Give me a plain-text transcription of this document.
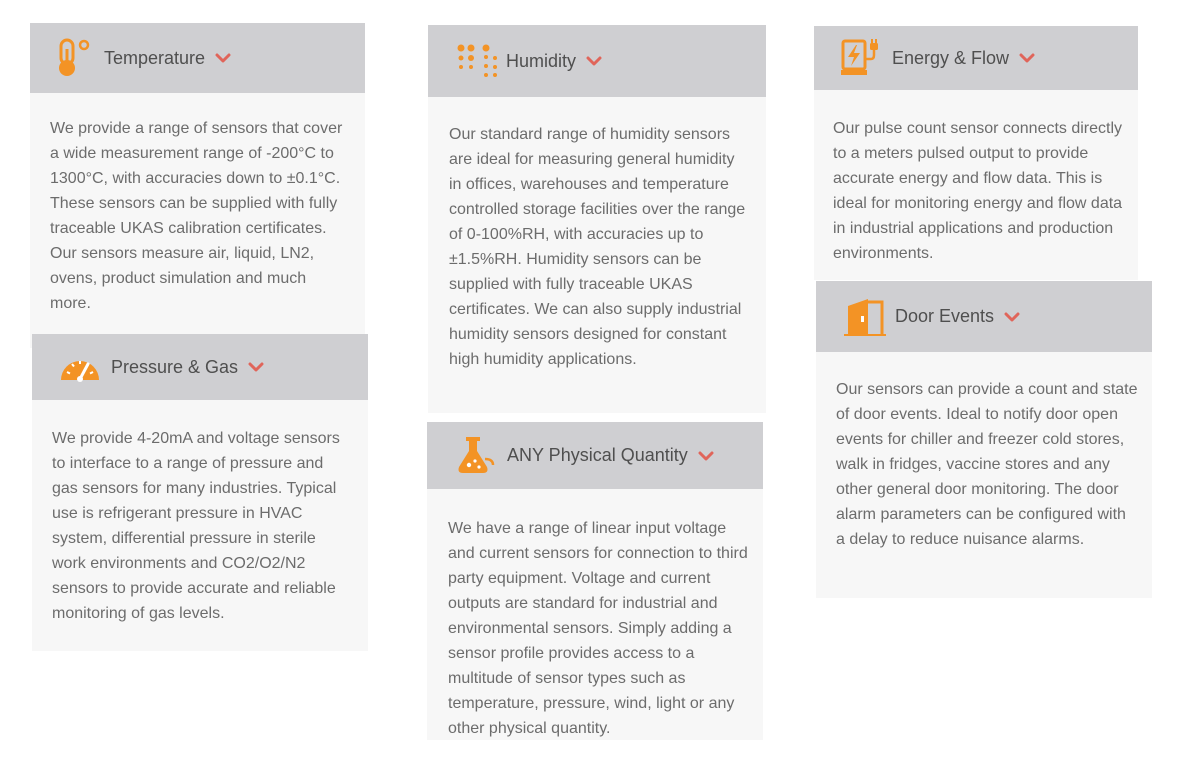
Temperature

We provide a range of sensors that cover a wide measurement range of -200°C to 1300°C, with accuracies down to ±0.1°C. These sensors can be supplied with fully traceable UKAS calibration certificates. Our sensors measure air, liquid, LN2, ovens, product simulation and much more.

Pressure & Gas

We provide 4-20mA and voltage sensors to interface to a range of pressure and gas sensors for many industries. Typical use is refrigerant pressure in HVAC system, differential pressure in sterile work environments and CO2/O2/N2 sensors to provide accurate and reliable monitoring of gas levels.

Humidity

Our standard range of humidity sensors are ideal for measuring general humidity in offices, warehouses and temperature controlled storage facilities over the range of 0-100%RH, with accuracies up to ±1.5%RH. Humidity sensors can be supplied with fully traceable UKAS certificates. We can also supply industrial humidity sensors designed for constant high humidity applications.

ANY Physical Quantity

We have a range of linear input voltage and current sensors for connection to third party equipment. Voltage and current outputs are standard for industrial and environmental sensors. Simply adding a sensor profile provides access to a multitude of sensor types such as temperature, pressure, wind, light or any other physical quantity.

Energy & Flow

Our pulse count sensor connects directly to a meters pulsed output to provide accurate energy and flow data. This is ideal for monitoring energy and flow data in industrial applications and production environments.

Door Events

Our sensors can provide a count and state of door events. Ideal to notify door open events for chiller and freezer cold stores, walk in fridges, vaccine stores and any other general door monitoring. The door alarm parameters can be configured with a delay to reduce nuisance alarms.
